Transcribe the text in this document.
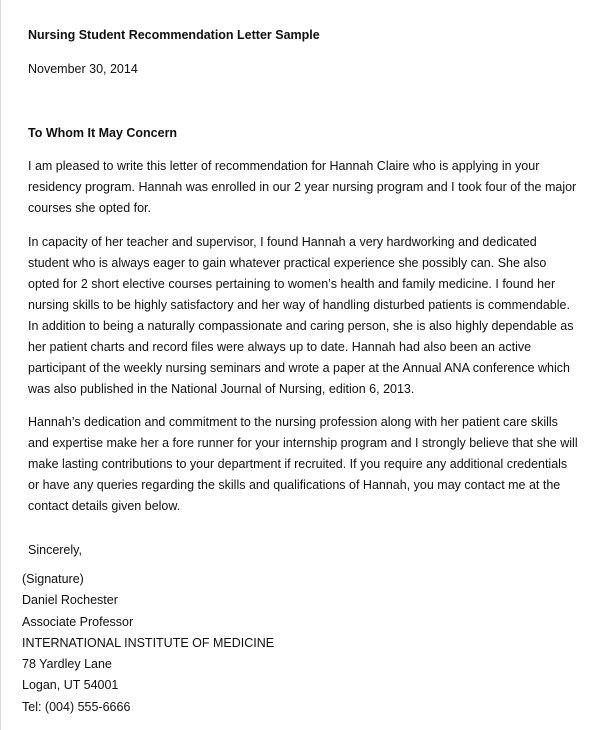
Nursing Student Recommendation Letter Sample
November 30, 2014
To Whom It May Concern

I am pleased to write this letter of recommendation for Hannah Claire who is applying in your residency program. Hannah was enrolled in our 2 year nursing program and I took four of the major courses she opted for.

In capacity of her teacher and supervisor, I found Hannah a very hardworking and dedicated student who is always eager to gain whatever practical experience she possibly can. She also opted for 2 short elective courses pertaining to women’s health and family medicine. I found her nursing skills to be highly satisfactory and her way of handling disturbed patients is commendable. In addition to being a naturally compassionate and caring person, she is also highly dependable as her patient charts and record files were always up to date. Hannah had also been an active participant of the weekly nursing seminars and wrote a paper at the Annual ANA conference which was also published in the National Journal of Nursing, edition 6, 2013.

Hannah’s dedication and commitment to the nursing profession along with her patient care skills and expertise make her a fore runner for your internship program and I strongly believe that she will make lasting contributions to your department if recruited. If you require any additional credentials or have any queries regarding the skills and qualifications of Hannah, you may contact me at the contact details given below.

Sincerely,
(Signature)
Daniel Rochester
Associate Professor
INTERNATIONAL INSTITUTE OF MEDICINE
78 Yardley Lane
Logan, UT 54001
Tel: (004) 555-6666
